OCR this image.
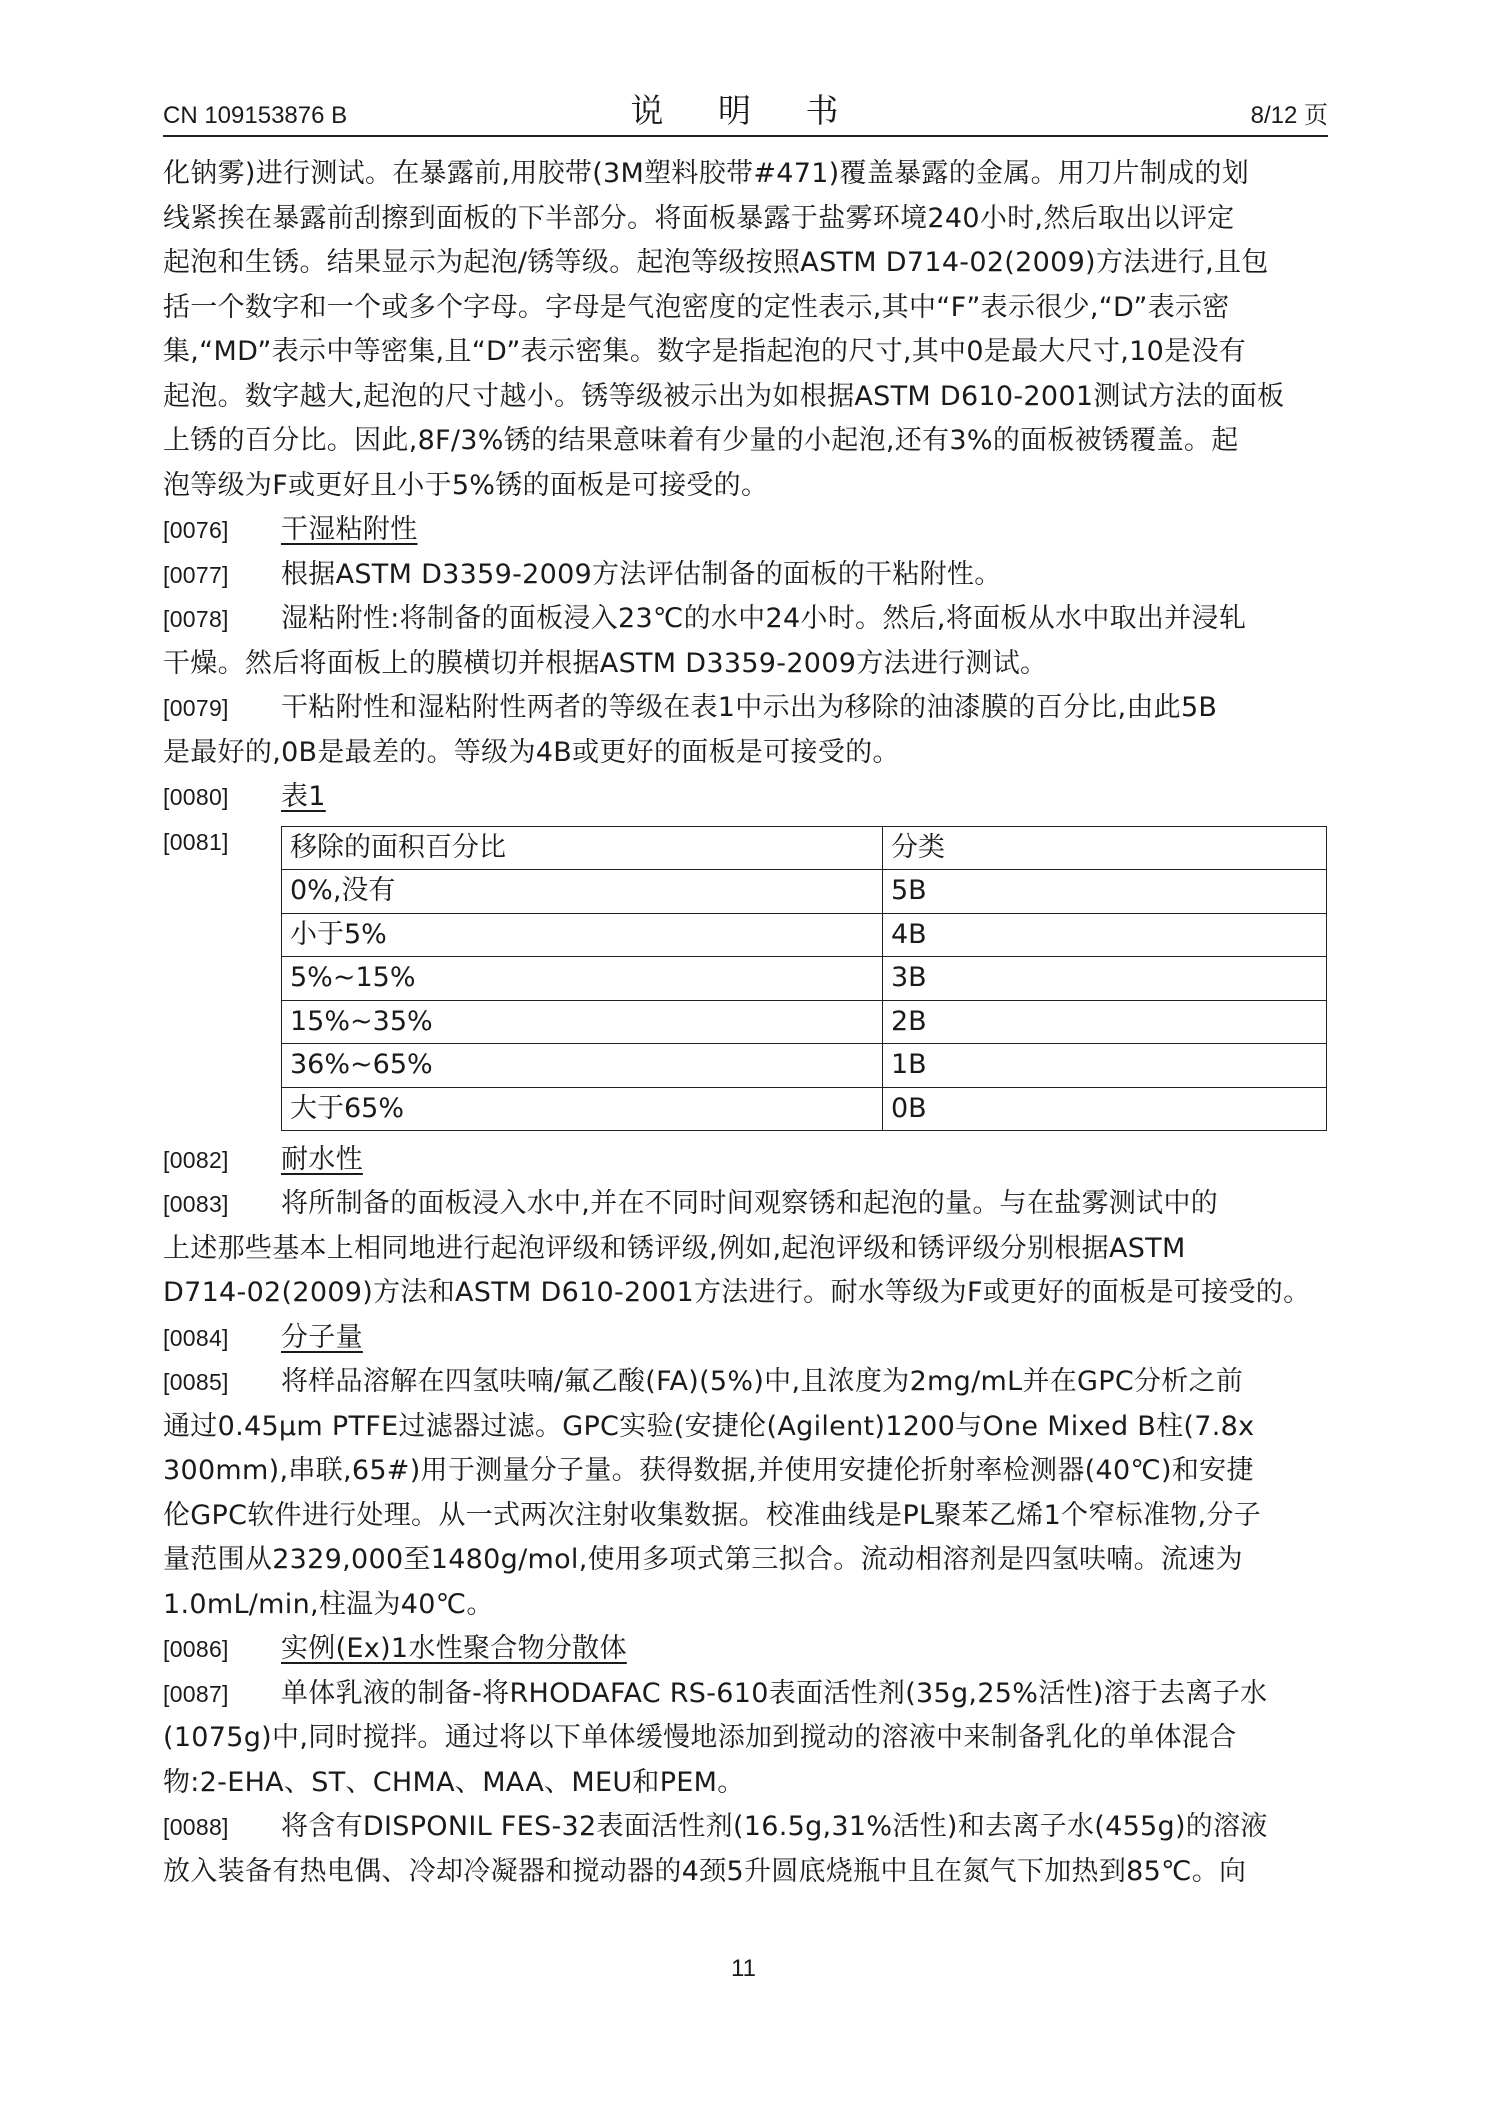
CN 109153876 B	说 明 书	8/12 页
化钠雾)进行测试。在暴露前,用胶带(3M塑料胶带#471)覆盖暴露的金属。用刀片制成的划
线紧挨在暴露前刮擦到面板的下半部分。将面板暴露于盐雾环境240小时,然后取出以评定
起泡和生锈。结果显示为起泡/锈等级。起泡等级按照ASTM D714-02(2009)方法进行,且包
括一个数字和一个或多个字母。字母是气泡密度的定性表示,其中“F”表示很少,“D”表示密
集,“MD”表示中等密集,且“D”表示密集。数字是指起泡的尺寸,其中0是最大尺寸,10是没有
起泡。数字越大,起泡的尺寸越小。锈等级被示出为如根据ASTM D610-2001测试方法的面板
上锈的百分比。因此,8F/3%锈的结果意味着有少量的小起泡,还有3%的面板被锈覆盖。起
泡等级为F或更好且小于5%锈的面板是可接受的。
[0076] 干湿粘附性
[0077] 根据ASTM D3359-2009方法评估制备的面板的干粘附性。
[0078] 湿粘附性:将制备的面板浸入23℃的水中24小时。然后,将面板从水中取出并浸轧
干燥。然后将面板上的膜横切并根据ASTM D3359-2009方法进行测试。
[0079] 干粘附性和湿粘附性两者的等级在表1中示出为移除的油漆膜的百分比,由此5B
是最好的,0B是最差的。等级为4B或更好的面板是可接受的。
[0080] 表1
[0081] 移除的面积百分比	分类
0%,没有	5B
小于5%	4B
5%~15%	3B
15%~35%	2B
36%~65%	1B
大于65%	0B
[0082] 耐水性
[0083] 将所制备的面板浸入水中,并在不同时间观察锈和起泡的量。与在盐雾测试中的
上述那些基本上相同地进行起泡评级和锈评级,例如,起泡评级和锈评级分别根据ASTM
D714-02(2009)方法和ASTM D610-2001方法进行。耐水等级为F或更好的面板是可接受的。
[0084] 分子量
[0085] 将样品溶解在四氢呋喃/氟乙酸(FA)(5%)中,且浓度为2mg/mL并在GPC分析之前
通过0.45μm PTFE过滤器过滤。GPC实验(安捷伦(Agilent)1200与One Mixed B柱(7.8x
300mm),串联,65#)用于测量分子量。获得数据,并使用安捷伦折射率检测器(40℃)和安捷
伦GPC软件进行处理。从一式两次注射收集数据。校准曲线是PL聚苯乙烯1个窄标准物,分子
量范围从2329,000至1480g/mol,使用多项式第三拟合。流动相溶剂是四氢呋喃。流速为
1.0mL/min,柱温为40℃。
[0086] 实例(Ex)1水性聚合物分散体
[0087] 单体乳液的制备-将RHODAFAC RS-610表面活性剂(35g,25%活性)溶于去离子水
(1075g)中,同时搅拌。通过将以下单体缓慢地添加到搅动的溶液中来制备乳化的单体混合
物:2-EHA、ST、CHMA、MAA、MEU和PEM。
[0088] 将含有DISPONIL FES-32表面活性剂(16.5g,31%活性)和去离子水(455g)的溶液
放入装备有热电偶、冷却冷凝器和搅动器的4颈5升圆底烧瓶中且在氮气下加热到85℃。向
11
